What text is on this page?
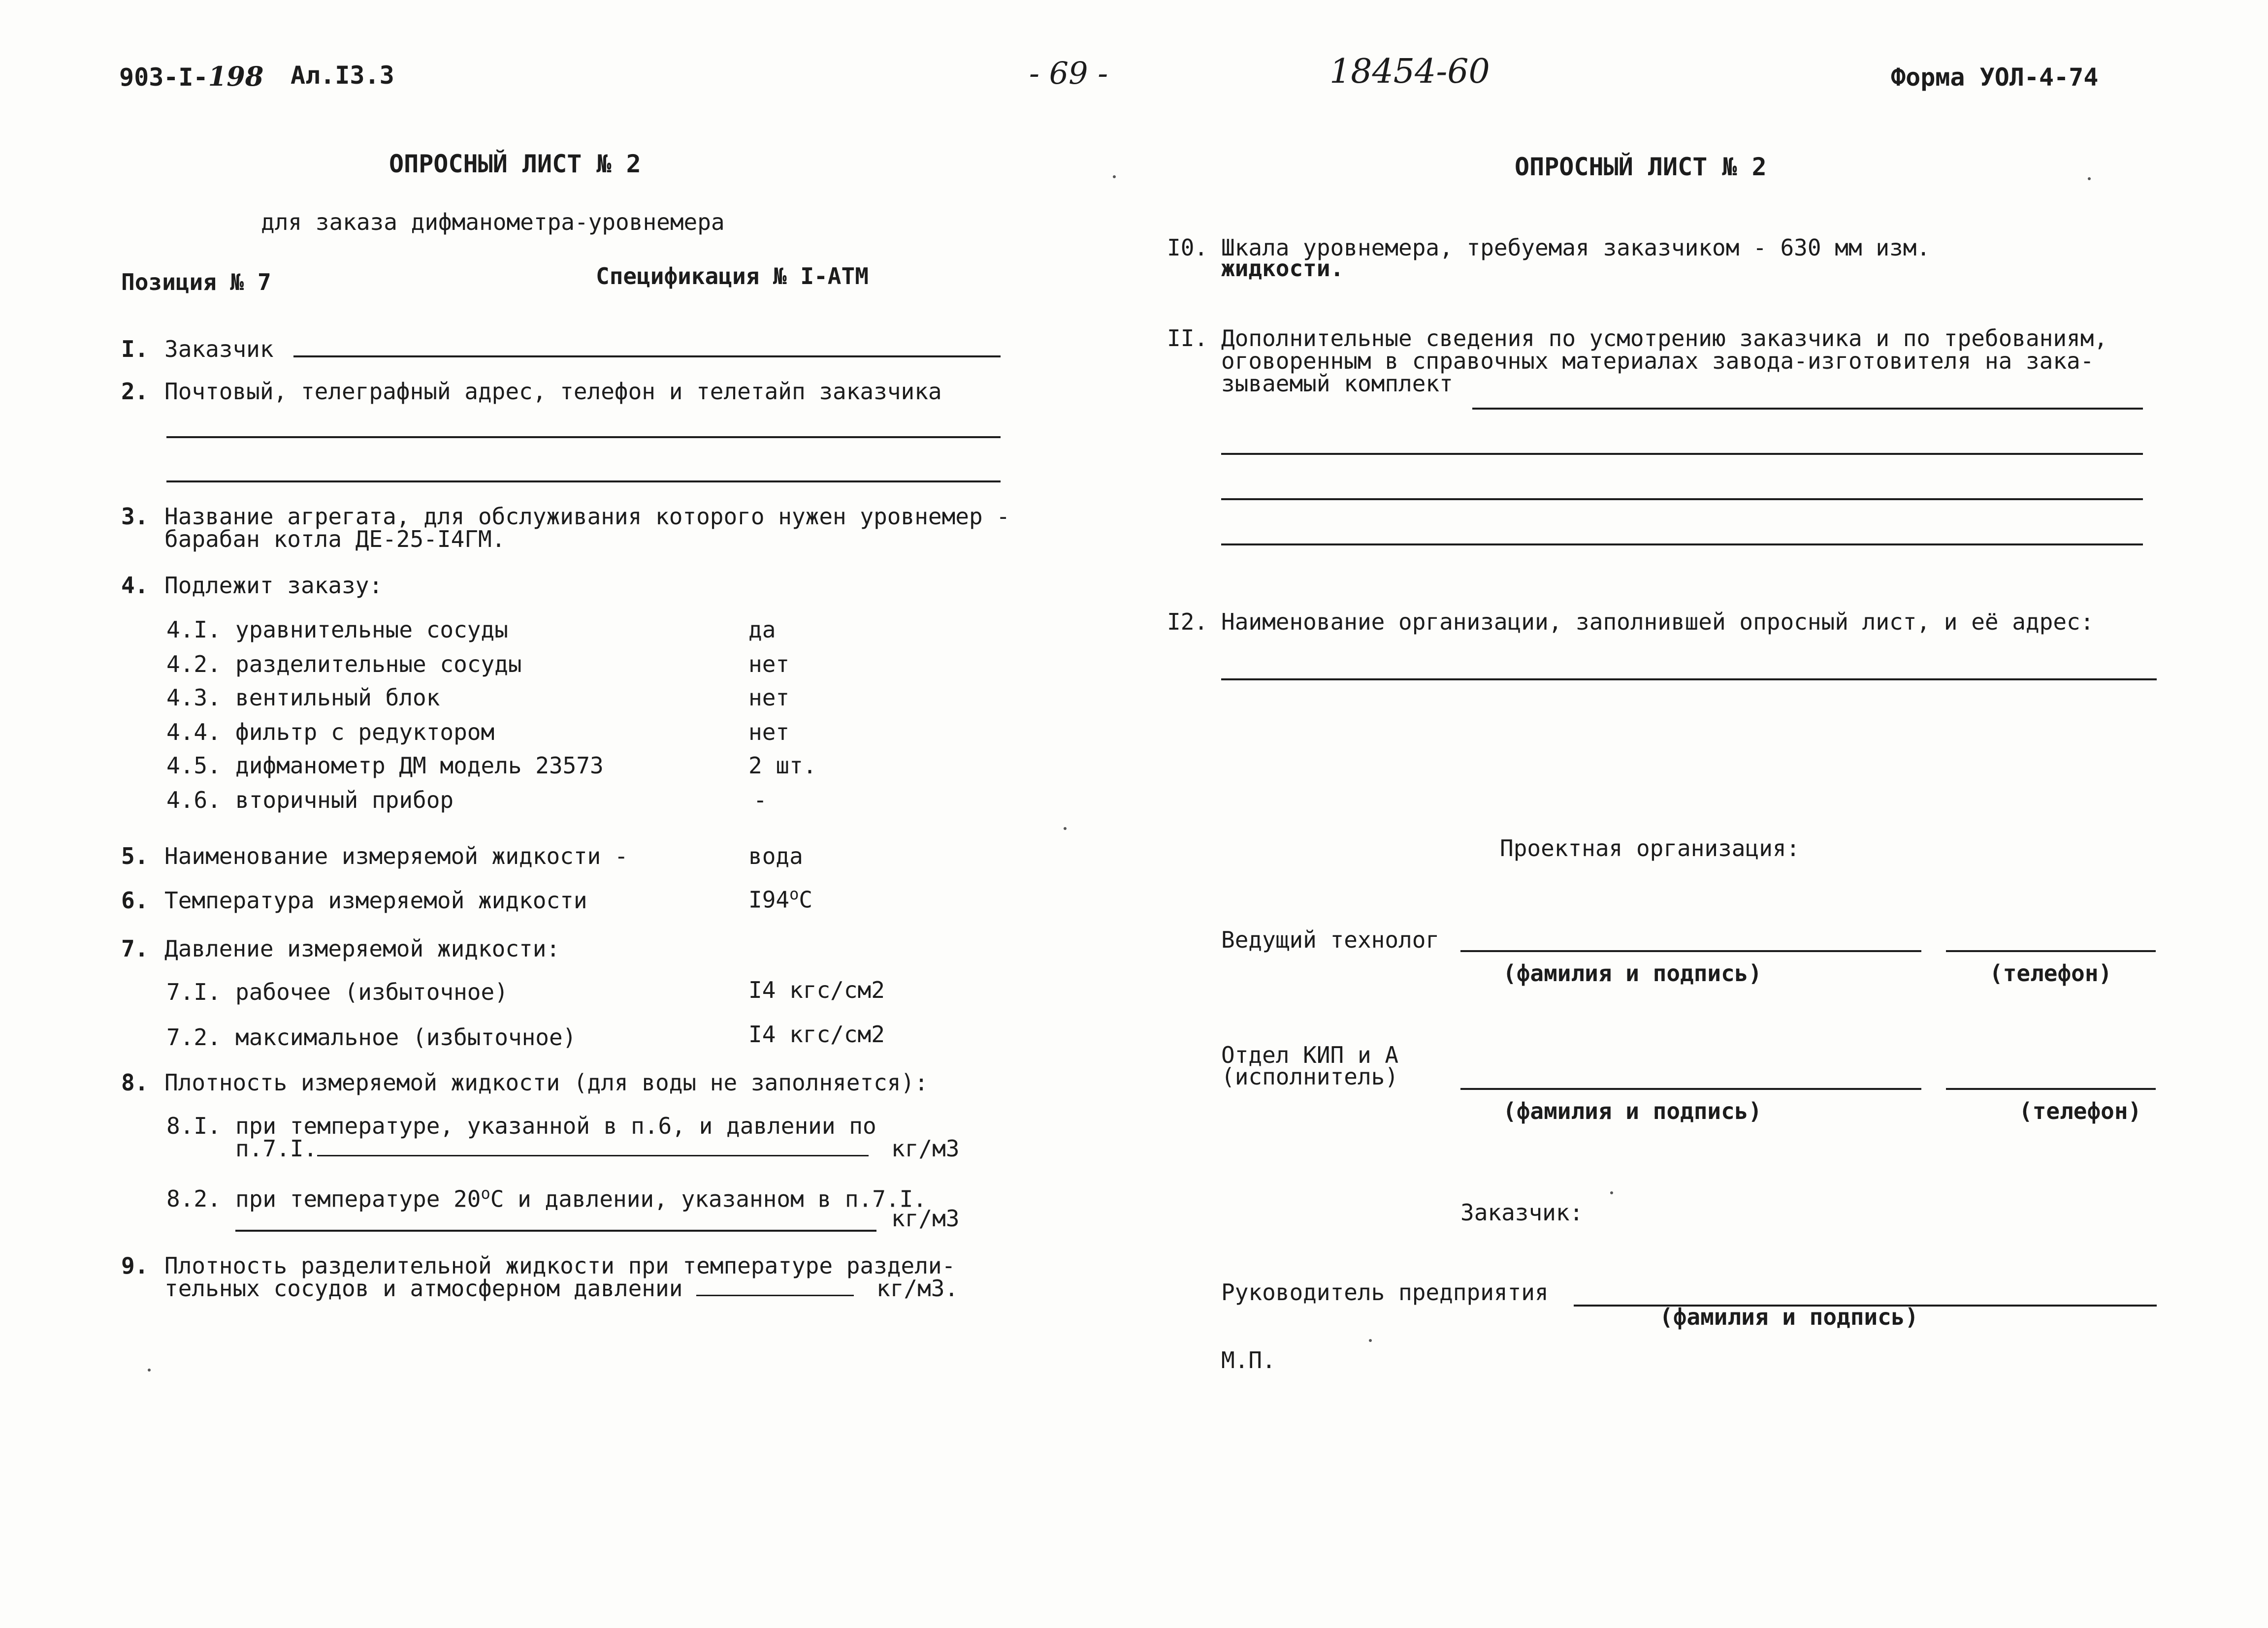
903-I-198 Ал.I3.3	- 69 -	18454-60	Форма УОЛ-4-74
ОПРОСНЫЙ ЛИСТ № 2
для заказа дифманометра-уровнемера
Позиция № 7	Спецификация № I-АТМ
I. Заказчик
2. Почтовый, телеграфный адрес, телефон и телетайп заказчика
3. Название агрегата, для обслуживания которого нужен уровнемер -
барабан котла ДЕ-25-I4ГМ.
4. Подлежит заказу:
4.I. уравнительные сосуды	да
4.2. разделительные сосуды	нет
4.3. вентильный блок	нет
4.4. фильтр с редуктором	нет
4.5. дифманометр ДМ модель 23573	2 шт.
4.6. вторичный прибор	-
5. Наименование измеряемой жидкости -	вода
6. Температура измеряемой жидкости	$I94^оС$
7. Давление измеряемой жидкости:
7.I. рабочее (избыточное)	I4 кгс/см2
7.2. максимальное (избыточное)	I4 кгс/см2
8. Плотность измеряемой жидкости (для воды не заполняется):
8.I. при температуре, указанной в п.6, и давлении по
п.7.I.	кг/м3
8.2. при температуре $20^оС$ и давлении, указанном в п.7.I.
кг/м3
9. Плотность разделительной жидкости при температуре раздели-
тельных сосудов и атмосферном давлении	кг/м3.
ОПРОСНЫЙ ЛИСТ № 2
I0. Шкала уровнемера, требуемая заказчиком - 630 мм изм.
жидкости.
II. Дополнительные сведения по усмотрению заказчика и по требованиям,
оговоренным в справочных материалах завода-изготовителя на зака-
зываемый комплект
I2. Наименование организации, заполнившей опросный лист, и её адрес:
Проектная организация:
Ведущий технолог
(фамилия и подпись)	(телефон)
Отдел КИП и А
(исполнитель)
(фамилия и подпись)	(телефон)
Заказчик:
Руководитель предприятия
(фамилия и подпись)
М.П.
